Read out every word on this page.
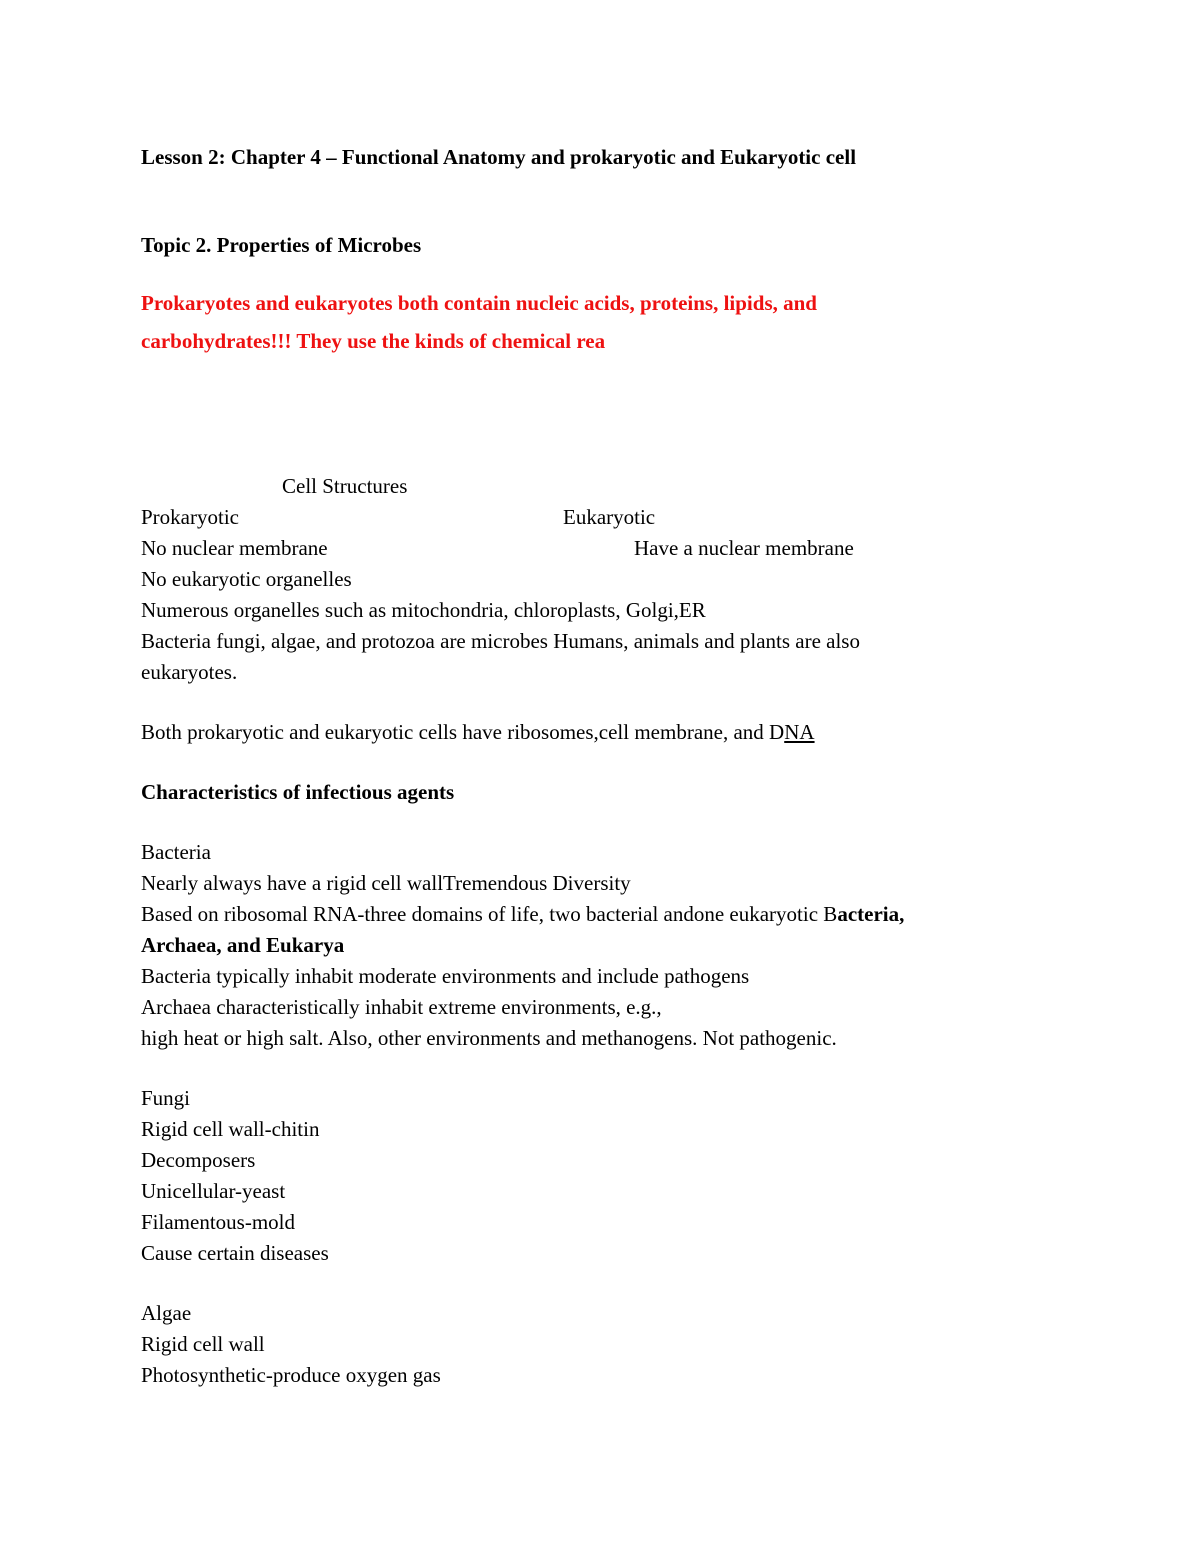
Lesson 2: Chapter 4 – Functional Anatomy and prokaryotic and Eukaryotic cell

Topic 2. Properties of Microbes

Prokaryotes and eukaryotes both contain nucleic acids, proteins, lipids, and

carbohydrates!!! They use the kinds of chemical rea

Cell Structures

Prokaryotic	Eukaryotic

No nuclear membrane	Have a nuclear membrane

No eukaryotic organelles

Numerous organelles such as mitochondria, chloroplasts, Golgi,ER

Bacteria fungi, algae, and protozoa are microbes Humans, animals and plants are also

eukaryotes.

Both prokaryotic and eukaryotic cells have ribosomes,cell membrane, and DNA

Characteristics of infectious agents

Bacteria

Nearly always have a rigid cell wallTremendous Diversity

Based on ribosomal RNA-three domains of life, two bacterial andone eukaryotic Bacteria,

Archaea, and Eukarya

Bacteria typically inhabit moderate environments and include pathogens

Archaea characteristically inhabit extreme environments, e.g.,

high heat or high salt. Also, other environments and methanogens. Not pathogenic.

Fungi

Rigid cell wall-chitin

Decomposers

Unicellular-yeast

Filamentous-mold

Cause certain diseases

Algae

Rigid cell wall

Photosynthetic-produce oxygen gas
